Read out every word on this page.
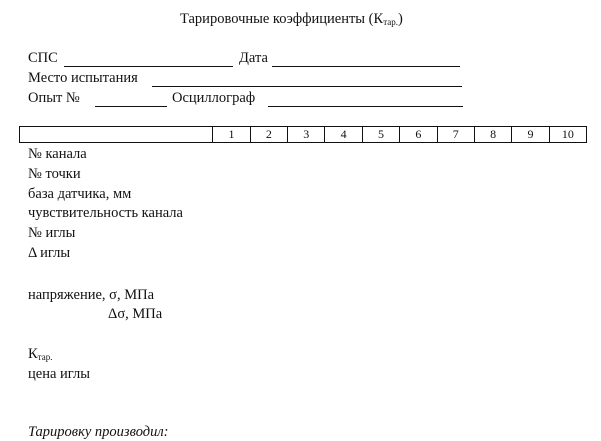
Тарировочные коэффициенты $(К_{тар.})$
СПС	Дата
Место испытания
Опыт №	Осциллограф
1	2	3	4	5	6	7	8	9	10
№ канала
№ точки
база датчика, мм
чувствительность канала
№ иглы
Δ иглы
напряжение, σ, МПа
Δσ, МПа
$К_{тар.}$
цена иглы
Тарировку производил:
